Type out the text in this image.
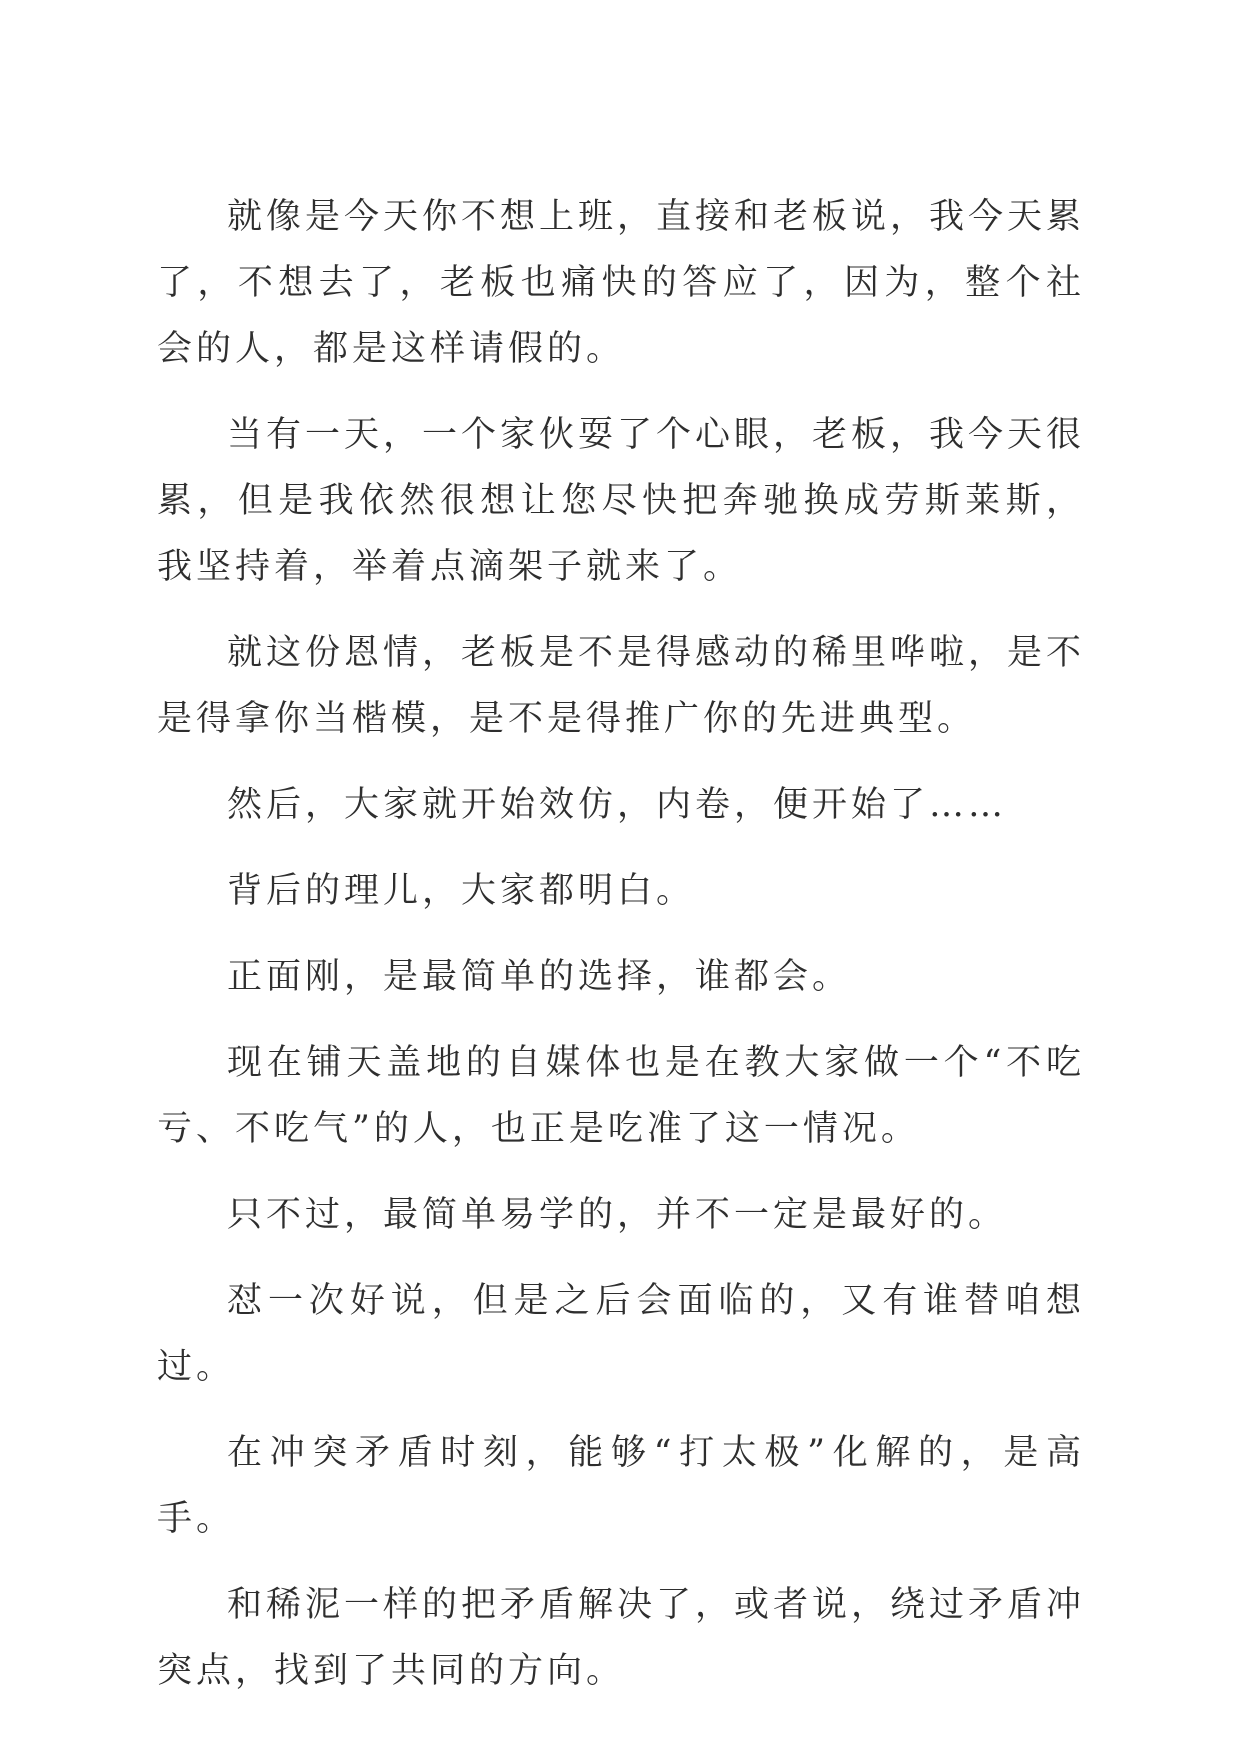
就像是今天你不想上班，直接和老板说，我今天累了，不想去了，老板也痛快的答应了，因为，整个社会的人，都是这样请假的。

当有一天，一个家伙耍了个心眼，老板，我今天很累，但是我依然很想让您尽快把奔驰换成劳斯莱斯，我坚持着，举着点滴架子就来了。

就这份恩情，老板是不是得感动的稀里哗啦，是不是得拿你当楷模，是不是得推广你的先进典型。

然后，大家就开始效仿，内卷，便开始了……

背后的理儿，大家都明白。

正面刚，是最简单的选择，谁都会。

现在铺天盖地的自媒体也是在教大家做一个“不吃亏、不吃气”的人，也正是吃准了这一情况。

只不过，最简单易学的，并不一定是最好的。

怼一次好说，但是之后会面临的，又有谁替咱想过。

在冲突矛盾时刻，能够“打太极”化解的，是高手。

和稀泥一样的把矛盾解决了，或者说，绕过矛盾冲突点，找到了共同的方向。
